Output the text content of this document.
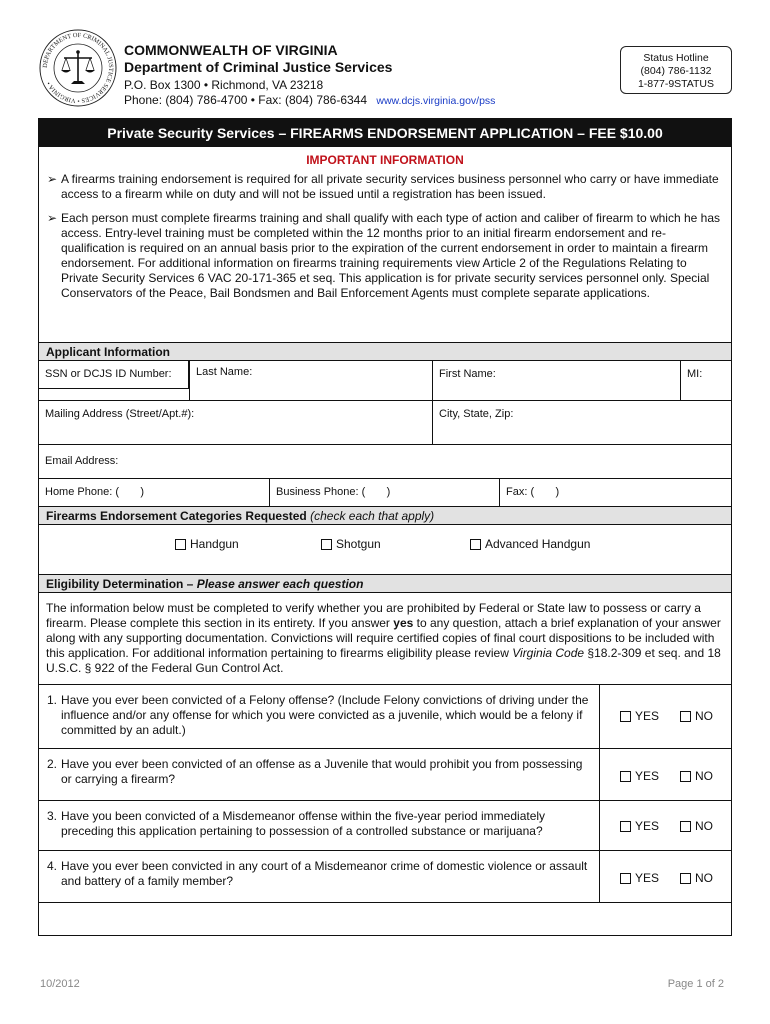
DEPARTMENT OF CRIMINAL JUSTICE SERVICES • VIRGINIA •
COMMONWEALTH OF VIRGINIA
Department of Criminal Justice Services
P.O. Box 1300 • Richmond, VA 23218
Phone: (804) 786-4700 • Fax: (804) 786-6344 www.dcjs.virginia.gov/pss
Status Hotline
(804) 786-1132
1-877-9STATUS
Private Security Services – FIREARMS ENDORSEMENT APPLICATION – FEE $10.00
IMPORTANT INFORMATION
➢ A firearms training endorsement is required for all private security services business personnel who carry or have immediate access to a firearm while on duty and will not be issued until a registration has been issued.
➢ Each person must complete firearms training and shall qualify with each type of action and caliber of firearm to which he has access. Entry-level training must be completed within the 12 months prior to an initial firearm endorsement and re-qualification is required on an annual basis prior to the expiration of the current endorsement in order to maintain a firearm endorsement. For additional information on firearms training requirements view Article 2 of the Regulations Relating to Private Security Services 6 VAC 20-171-365 et seq. This application is for private security services personnel only. Special Conservators of the Peace, Bail Bondsmen and Bail Enforcement Agents must complete separate applications.
Applicant Information
SSN or DCJS ID Number:	Last Name:	First Name:	MI:
Mailing Address (Street/Apt.#):	City, State, Zip:
Email Address:
Home Phone: (       )	Business Phone: (       )	Fax: (       )
Firearms Endorsement Categories Requested (check each that apply)
Handgun	Shotgun	Advanced Handgun
Eligibility Determination – Please answer each question
The information below must be completed to verify whether you are prohibited by Federal or State law to possess or carry a firearm. Please complete this section in its entirety. If you answer yes to any question, attach a brief explanation of your answer along with any supporting documentation. Convictions will require certified copies of final court dispositions to be included with this application. For additional information pertaining to firearms eligibility please review Virginia Code §18.2-309 et seq. and 18 U.S.C. § 922 of the Federal Gun Control Act.
1. Have you ever been convicted of a Felony offense? (Include Felony convictions of driving under the influence and/or any offense for which you were convicted as a juvenile, which would be a felony if committed by an adult.)
YES	NO
2. Have you ever been convicted of an offense as a Juvenile that would prohibit you from possessing or carrying a firearm?	YES	NO
3. Have you been convicted of a Misdemeanor offense within the five-year period immediately preceding this application pertaining to possession of a controlled substance or marijuana?	YES	NO
4. Have you ever been convicted in any court of a Misdemeanor crime of domestic violence or assault and battery of a family member?	YES	NO
10/2012	Page 1 of 2
